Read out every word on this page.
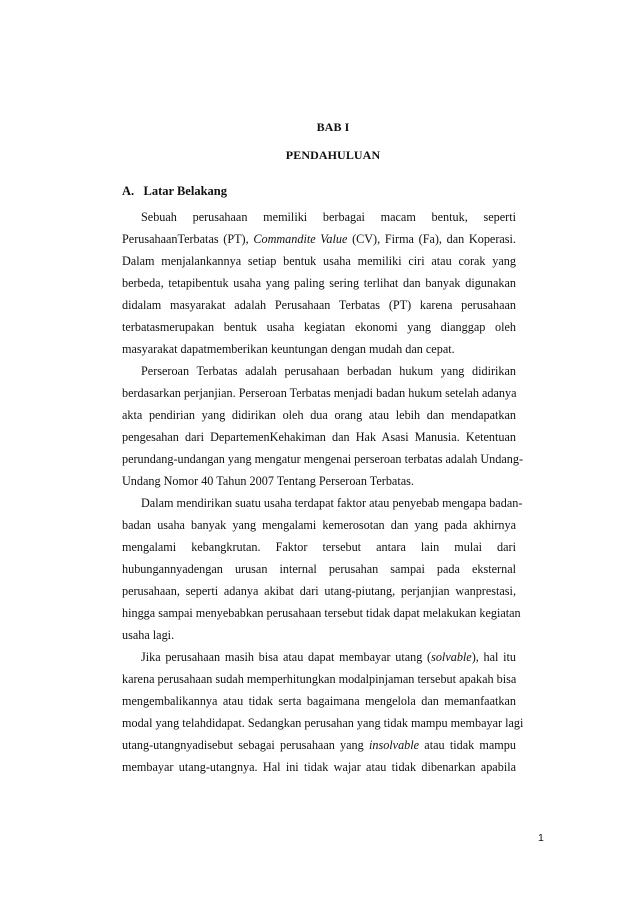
BAB I
PENDAHULUAN
A.   Latar Belakang
Sebuah perusahaan memiliki berbagai macam bentuk, seperti
PerusahaanTerbatas (PT), Commandite Value (CV), Firma (Fa), dan Koperasi.
Dalam menjalankannya setiap bentuk usaha memiliki ciri atau corak yang
berbeda, tetapibentuk usaha yang paling sering terlihat dan banyak digunakan
didalam masyarakat adalah Perusahaan Terbatas (PT) karena perusahaan
terbatasmerupakan bentuk usaha kegiatan ekonomi yang dianggap oleh
masyarakat dapatmemberikan keuntungan dengan mudah dan cepat.
Perseroan Terbatas adalah perusahaan berbadan hukum yang didirikan
berdasarkan perjanjian. Perseroan Terbatas menjadi badan hukum setelah adanya
akta pendirian yang didirikan oleh dua orang atau lebih dan mendapatkan
pengesahan dari DepartemenKehakiman dan Hak Asasi Manusia. Ketentuan
perundang-undangan yang mengatur mengenai perseroan terbatas adalah Undang-
Undang Nomor 40 Tahun 2007 Tentang Perseroan Terbatas.
Dalam mendirikan suatu usaha terdapat faktor atau penyebab mengapa badan-
badan usaha banyak yang mengalami kemerosotan dan yang pada akhirnya
mengalami kebangkrutan. Faktor tersebut antara lain mulai dari
hubungannyadengan urusan internal perusahan sampai pada eksternal
perusahaan, seperti adanya akibat dari utang-piutang, perjanjian wanprestasi,
hingga sampai menyebabkan perusahaan tersebut tidak dapat melakukan kegiatan
usaha lagi.
Jika perusahaan masih bisa atau dapat membayar utang (solvable), hal itu
karena perusahaan sudah memperhitungkan modalpinjaman tersebut apakah bisa
mengembalikannya atau tidak serta bagaimana mengelola dan memanfaatkan
modal yang telahdidapat. Sedangkan perusahan yang tidak mampu membayar lagi
utang-utangnyadisebut sebagai perusahaan yang insolvable atau tidak mampu
membayar utang-utangnya. Hal ini tidak wajar atau tidak dibenarkan apabila
1
